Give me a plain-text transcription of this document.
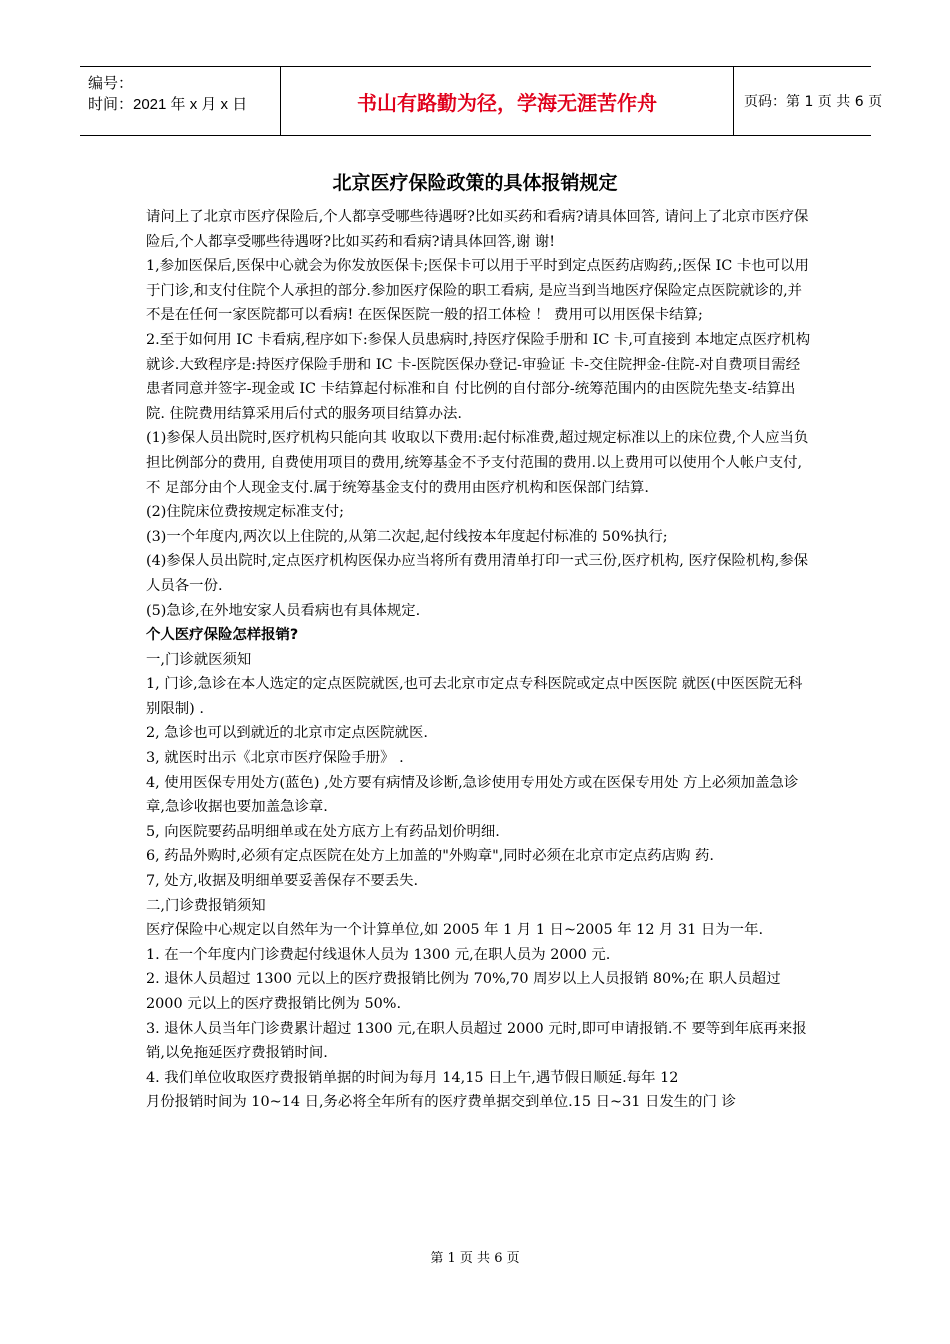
编号：
时间：2021 年 x 月 x 日	书山有路勤为径，学海无涯苦作舟	页码：第 1 页 共 6 页
北京医疗保险政策的具体报销规定

请问上了北京市医疗保险后,个人都享受哪些待遇呀?比如买药和看病?请具体回答, 请问上了北京市医疗保险后,个人都享受哪些待遇呀?比如买药和看病?请具体回答,谢 谢!

1,参加医保后,医保中心就会为你发放医保卡;医保卡可以用于平时到定点医药店购药,;医保 IC 卡也可以用于门诊,和支付住院个人承担的部分.参加医疗保险的职工看病, 是应当到当地医疗保险定点医院就诊的,并不是在任何一家医院都可以看病! 在医保医院一般的招工体检 ！ 费用可以用医保卡结算;

2.至于如何用 IC 卡看病,程序如下:参保人员患病时,持医疗保险手册和 IC 卡,可直接到 本地定点医疗机构就诊.大致程序是:持医疗保险手册和 IC 卡-医院医保办登记-审验证 卡-交住院押金-住院-对自费项目需经患者同意并签字-现金或 IC 卡结算起付标准和自 付比例的自付部分-统筹范围内的由医院先垫支-结算出院. 住院费用结算采用后付式的服务项目结算办法.

(1)参保人员出院时,医疗机构只能向其 收取以下费用:起付标准费,超过规定标准以上的床位费,个人应当负担比例部分的费用, 自费使用项目的费用,统筹基金不予支付范围的费用.以上费用可以使用个人帐户支付,不 足部分由个人现金支付.属于统筹基金支付的费用由医疗机构和医保部门结算.

(2)住院床位费按规定标准支付;

(3)一个年度内,两次以上住院的,从第二次起,起付线按本年度起付标准的 50%执行;

(4)参保人员出院时,定点医疗机构医保办应当将所有费用清单打印一式三份,医疗机构, 医疗保险机构,参保人员各一份.

(5)急诊,在外地安家人员看病也有具体规定.

个人医疗保险怎样报销?

一,门诊就医须知

1, 门诊,急诊在本人选定的定点医院就医,也可去北京市定点专科医院或定点中医医院 就医(中医医院无科别限制) .

2, 急诊也可以到就近的北京市定点医院就医.

3, 就医时出示《北京市医疗保险手册》 .

4, 使用医保专用处方(蓝色) ,处方要有病情及诊断,急诊使用专用处方或在医保专用处 方上必须加盖急诊章,急诊收据也要加盖急诊章.

5, 向医院要药品明细单或在处方底方上有药品划价明细.

6, 药品外购时,必须有定点医院在处方上加盖的"外购章",同时必须在北京市定点药店购 药.

7, 处方,收据及明细单要妥善保存不要丢失.

二,门诊费报销须知

医疗保险中心规定以自然年为一个计算单位,如 2005 年 1 月 1 日~2005 年 12 月 31 日为一年.

1. 在一个年度内门诊费起付线退休人员为 1300 元,在职人员为 2000 元.

2. 退休人员超过 1300 元以上的医疗费报销比例为 70%,70 周岁以上人员报销 80%;在 职人员超过 2000 元以上的医疗费报销比例为 50%.

3. 退休人员当年门诊费累计超过 1300 元,在职人员超过 2000 元时,即可申请报销.不 要等到年底再来报销,以免拖延医疗费报销时间.

4. 我们单位收取医疗费报销单据的时间为每月 14,15 日上午,遇节假日顺延.每年 12

月份报销时间为 10~14 日,务必将全年所有的医疗费单据交到单位.15 日~31 日发生的门 诊

第 1 页 共 6 页
